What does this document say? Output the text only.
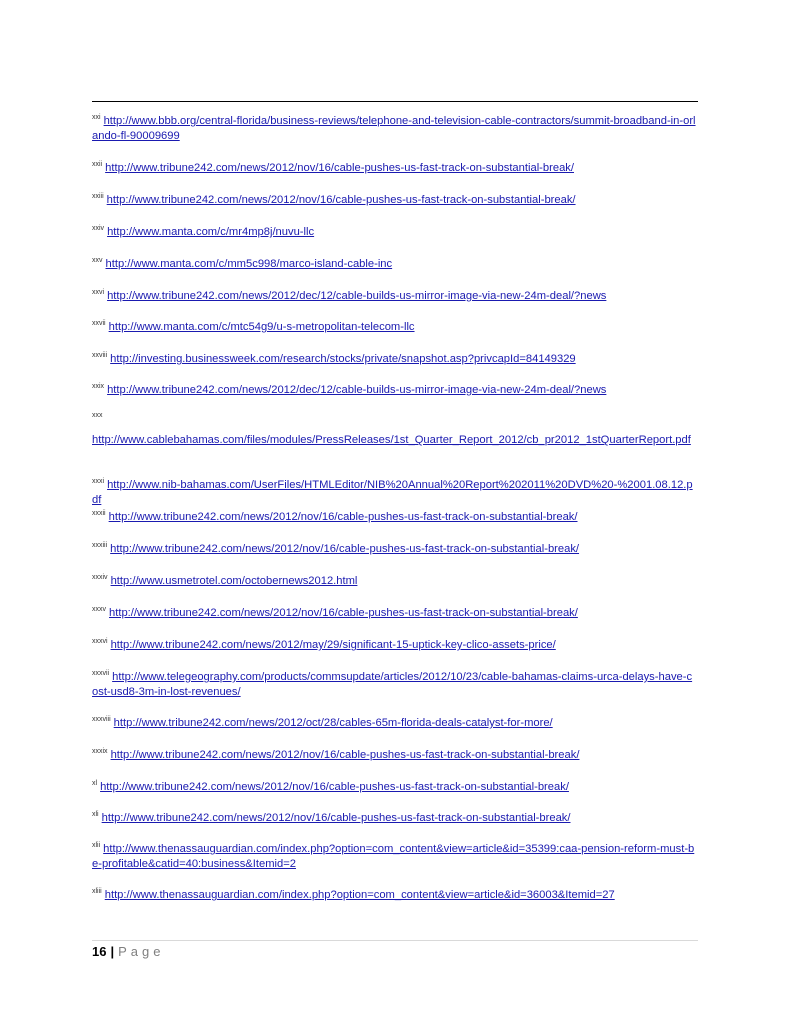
$^{xxi}$ http://www.bbb.org/central-florida/business-reviews/telephone-and-television-cable-contractors/summit-broadband-in-orlando-fl-90009699
$^{xxii}$ http://www.tribune242.com/news/2012/nov/16/cable-pushes-us-fast-track-on-substantial-break/
$^{xxiii}$ http://www.tribune242.com/news/2012/nov/16/cable-pushes-us-fast-track-on-substantial-break/
$^{xxiv}$ http://www.manta.com/c/mr4mp8j/nuvu-llc
$^{xxv}$ http://www.manta.com/c/mm5c998/marco-island-cable-inc
$^{xxvi}$ http://www.tribune242.com/news/2012/dec/12/cable-builds-us-mirror-image-via-new-24m-deal/?news
$^{xxvii}$ http://www.manta.com/c/mtc54g9/u-s-metropolitan-telecom-llc
$^{xxviii}$ http://investing.businessweek.com/research/stocks/private/snapshot.asp?privcapId=84149329
$^{xxix}$ http://www.tribune242.com/news/2012/dec/12/cable-builds-us-mirror-image-via-new-24m-deal/?news
xxx
http://www.cablebahamas.com/files/modules/PressReleases/1st_Quarter_Report_2012/cb_pr2012_1stQuarterReport.pdf
$^{xxxi}$ http://www.nib-bahamas.com/UserFiles/HTMLEditor/NIB%20Annual%20Report%202011%20DVD%20-%2001.08.12.pdf
$^{xxxii}$ http://www.tribune242.com/news/2012/nov/16/cable-pushes-us-fast-track-on-substantial-break/
$^{xxxiii}$ http://www.tribune242.com/news/2012/nov/16/cable-pushes-us-fast-track-on-substantial-break/
$^{xxxiv}$ http://www.usmetrotel.com/octobernews2012.html
$^{xxxv}$ http://www.tribune242.com/news/2012/nov/16/cable-pushes-us-fast-track-on-substantial-break/
$^{xxxvi}$ http://www.tribune242.com/news/2012/may/29/significant-15-uptick-key-clico-assets-price/
$^{xxxvii}$ http://www.telegeography.com/products/commsupdate/articles/2012/10/23/cable-bahamas-claims-urca-delays-have-cost-usd8-3m-in-lost-revenues/
$^{xxxviii}$ http://www.tribune242.com/news/2012/oct/28/cables-65m-florida-deals-catalyst-for-more/
$^{xxxix}$ http://www.tribune242.com/news/2012/nov/16/cable-pushes-us-fast-track-on-substantial-break/
$^{xl}$ http://www.tribune242.com/news/2012/nov/16/cable-pushes-us-fast-track-on-substantial-break/
$^{xli}$ http://www.tribune242.com/news/2012/nov/16/cable-pushes-us-fast-track-on-substantial-break/
$^{xlii}$ http://www.thenassauguardian.com/index.php?option=com_content&view=article&id=35399:caa-pension-reform-must-be-profitable&catid=40:business&Itemid=2
$^{xliii}$ http://www.thenassauguardian.com/index.php?option=com_content&view=article&id=36003&Itemid=27
16 | Page
